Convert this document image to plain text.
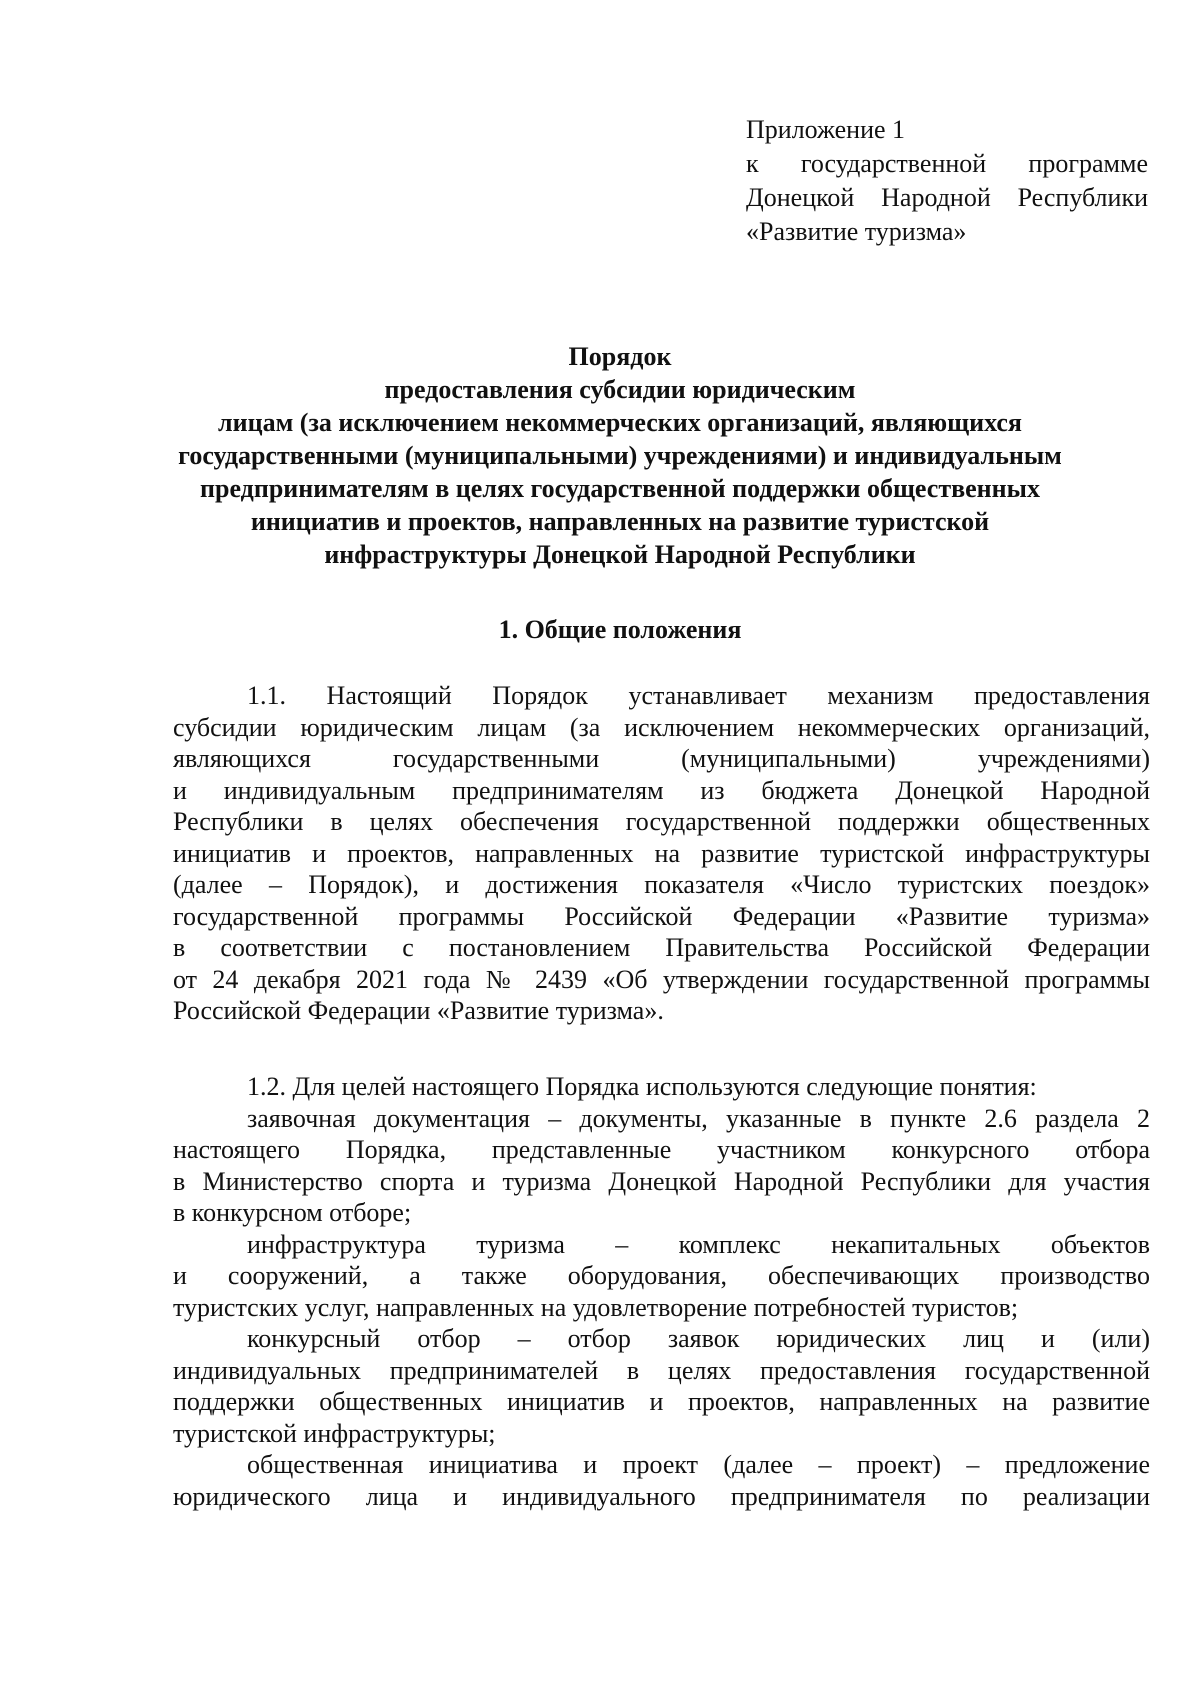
Приложение 1
к государственной программе
Донецкой Народной Республики
«Развитие туризма»
Порядок
предоставления субсидии юридическим
лицам (за исключением некоммерческих организаций, являющихся
государственными (муниципальными) учреждениями) и индивидуальным
предпринимателям в целях государственной поддержки общественных
инициатив и проектов, направленных на развитие туристской
инфраструктуры Донецкой Народной Республики
1. Общие положения
1.1. Настоящий Порядок устанавливает механизм предоставления
субсидии юридическим лицам (за исключением некоммерческих организаций,
являющихся государственными (муниципальными) учреждениями)
и индивидуальным предпринимателям из бюджета Донецкой Народной
Республики в целях обеспечения государственной поддержки общественных
инициатив и проектов, направленных на развитие туристской инфраструктуры
(далее – Порядок), и достижения показателя «Число туристских поездок»
государственной программы Российской Федерации «Развитие туризма»
в соответствии с постановлением Правительства Российской Федерации
от 24 декабря 2021 года № 2439 «Об утверждении государственной программы
Российской Федерации «Развитие туризма».
1.2. Для целей настоящего Порядка используются следующие понятия:
заявочная документация – документы, указанные в пункте 2.6 раздела 2
настоящего Порядка, представленные участником конкурсного отбора
в Министерство спорта и туризма Донецкой Народной Республики для участия
в конкурсном отборе;
инфраструктура туризма – комплекс некапитальных объектов
и сооружений, а также оборудования, обеспечивающих производство
туристских услуг, направленных на удовлетворение потребностей туристов;
конкурсный отбор – отбор заявок юридических лиц и (или)
индивидуальных предпринимателей в целях предоставления государственной
поддержки общественных инициатив и проектов, направленных на развитие
туристской инфраструктуры;
общественная инициатива и проект (далее – проект) – предложение
юридического лица и индивидуального предпринимателя по реализации
